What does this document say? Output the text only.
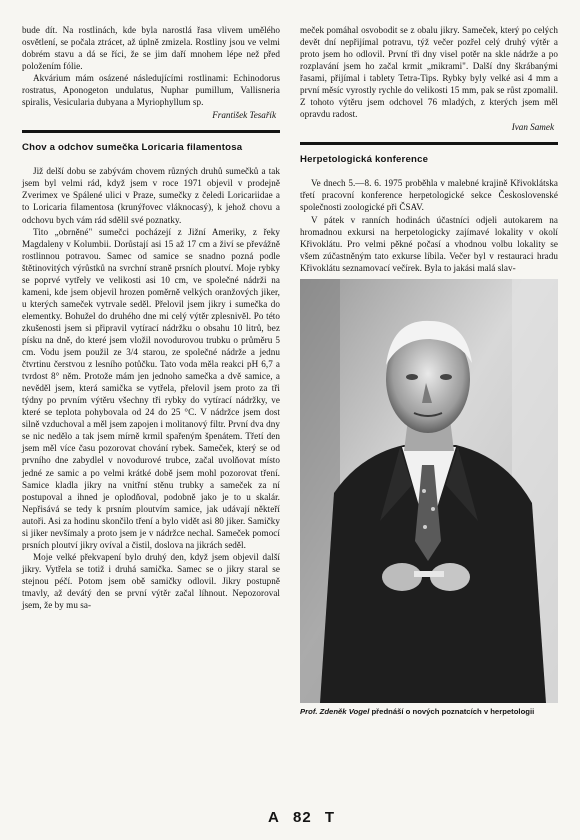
bude dít. Na rostlinách, kde byla narostlá řasa vlivem umělého osvětlení, se počala ztrácet, až úplně zmizela. Rostliny jsou ve velmi dobrém stavu a dá se říci, že se jim daří mnohem lépe než před položením fólie.

Akvárium mám osázené následujícími rostlinami: Echinodorus rostratus, Aponogeton undulatus, Nuphar pumillum, Vallisneria spiralis, Vesicularia dubyana a Myriophyllum sp.

František Tesařík

Chov a odchov sumečka Loricaria filamentosa

Již delší dobu se zabývám chovem různých druhů sumečků a tak jsem byl velmi rád, když jsem v roce 1971 objevil v prodejně Zverimex ve Spálené ulici v Praze, sumečky z čeledi Loricariidae a to Loricaria filamentosa (krunýřovec vláknocasý), k jehož chovu a odchovu bych vám rád sdělil své poznatky.

Tito „obrněné" sumečci pocházejí z Jižní Ameriky, z řeky Magdaleny v Kolumbii. Dorůstají asi 15 až 17 cm a živí se převážně rostlinnou potravou. Samec od samice se snadno pozná podle štětinovitých výrůstků na svrchní straně prsních ploutví. Moje rybky se poprvé vytřely ve velikosti asi 10 cm, ve společné nádrži na kameni, kde jsem objevil hrozen poměrně velkých oranžových jiker, u kterých sameček vytrvale seděl. Přelovil jsem jikry i sumečka do elementky. Bohužel do druhého dne mi celý výtěr zplesnivěl. Po této zkušenosti jsem si připravil vytírací nádržku o obsahu 10 litrů, bez písku na dně, do které jsem vložil novodurovou trubku o průměru 5 cm. Vodu jsem použil ze 3/4 starou, ze společné nádrže a jednu čtvrtinu čerstvou z lesního potůčku. Tato voda měla reakci pH 6,7 a tvrdost 8° něm. Protože mám jen jednoho samečka a dvě samice, a nevěděl jsem, která samička se vytřela, přelovil jsem proto za tři týdny po prvním výtěru všechny tři rybky do vytírací nádržky, ve které se teplota pohybovala od 24 do 25 °C. V nádržce jsem dost silně vzduchoval a měl jsem zapojen i molitanový filtr. První dva dny se nic nedělo a tak jsem mírně krmil spařeným špenátem. Třetí den jsem měl více času pozorovat chování rybek. Sameček, který se od prvního dne zabydlel v novodurové trubce, začal uvolňovat místo jedné ze samic a po velmi krátké době jsem mohl pozorovat tření. Samice kladla jikry na vnitřní stěnu trubky a sameček za ní postupoval a ihned je oplodňoval, podobně jako je to u skalár. Nepřisává se tedy k prsním ploutvím samice, jak udávají někteří autoři. Asi za hodinu skončilo tření a bylo vidět asi 80 jiker. Samičky si jiker nevšímaly a proto jsem je v nádržce nechal. Sameček pomocí prsních ploutví jikry ovíval a čistil, doslova na jikrách seděl.

Moje velké překvapení bylo druhý den, když jsem objevil další jikry. Vytřela se totiž i druhá samička. Samec se o jikry staral se stejnou péčí. Potom jsem obě samičky odlovil. Jikry postupně tmavly, až devátý den se první výtěr začal líhnout. Nepozoroval jsem, že by mu sa-

meček pomáhal osvobodit se z obalu jikry. Sameček, který po celých devět dní nepřijímal potravu, týž večer pozřel celý druhý výtěr a proto jsem ho odlovil. První tři dny visel potěr na skle nádrže a po rozplavání jsem ho začal krmit „mikrami". Další dny škrábanými řasami, přijímal i tablety Tetra-Tips. Rybky byly velké asi 4 mm a první měsíc vyrostly rychle do velikosti 15 mm, pak se růst zpomalil. Z tohoto výtěru jsem odchovel 76 mladých, z kterých jsem měl opravdu radost.

Ivan Samek

Herpetologická konference

Ve dnech 5.—8. 6. 1975 proběhla v malebné krajině Křivoklátska třetí pracovní konference herpetologické sekce Československé společnosti zoologické při ČSAV.

V pátek v ranních hodinách účastníci odjeli autokarem na hromadnou exkursi na herpetologicky zajímavé lokality v okolí Křivoklátu. Pro velmi pěkné počasí a vhodnou volbu lokality se všem zúčastněným tato exkurse líbila. Večer byl v restauraci hradu Křivoklátu seznamovací večírek. Byla to jakási malá slav-

Prof. Zdeněk Vogel přednáší o nových poznatcích v herpetologii

A 82 T
